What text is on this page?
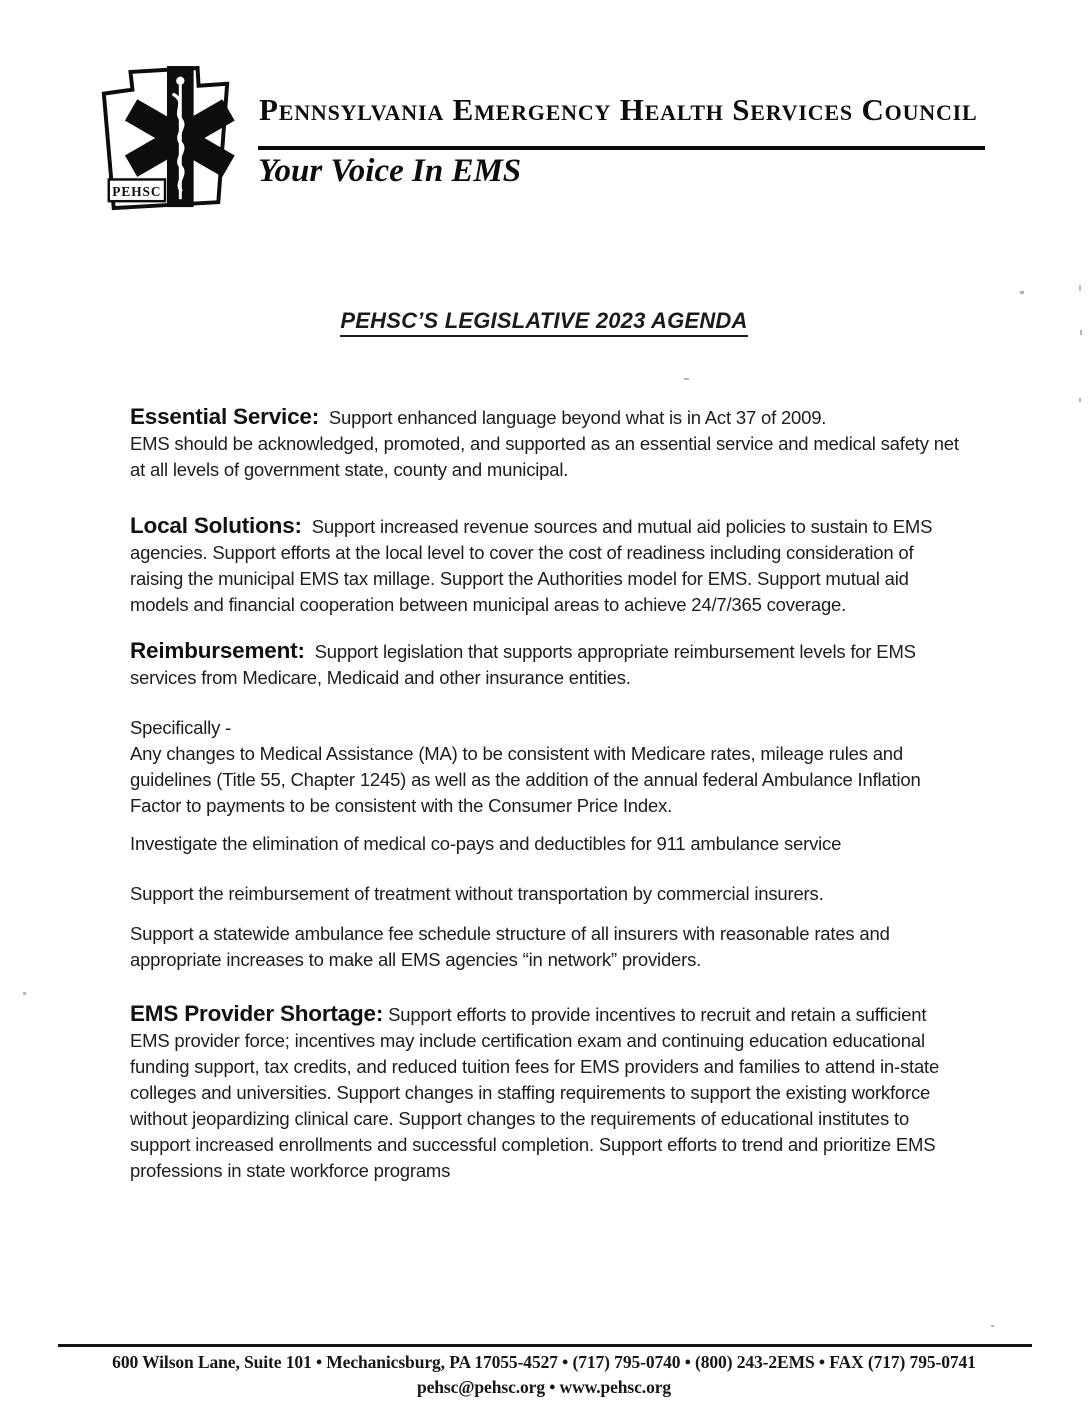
PEHSC
Pennsylvania Emergency Health Services Council
Your Voice In EMS
PEHSC’S LEGISLATIVE 2023 AGENDA

Essential Service: Support enhanced language beyond what is in Act 37 of 2009.
EMS should be acknowledged, promoted, and supported as an essential service and medical safety net at all levels of government state, county and municipal.

Local Solutions: Support increased revenue sources and mutual aid policies to sustain to EMS agencies. Support efforts at the local level to cover the cost of readiness including consideration of raising the municipal EMS tax millage. Support the Authorities model for EMS. Support mutual aid models and financial cooperation between municipal areas to achieve 24/7/365 coverage.

Reimbursement: Support legislation that supports appropriate reimbursement levels for EMS services from Medicare, Medicaid and other insurance entities.

Specifically -
Any changes to Medical Assistance (MA) to be consistent with Medicare rates, mileage rules and guidelines (Title 55, Chapter 1245) as well as the addition of the annual federal Ambulance Inflation Factor to payments to be consistent with the Consumer Price Index.

Investigate the elimination of medical co-pays and deductibles for 911 ambulance service

Support the reimbursement of treatment without transportation by commercial insurers.

Support a statewide ambulance fee schedule structure of all insurers with reasonable rates and appropriate increases to make all EMS agencies “in network” providers.

EMS Provider Shortage: Support efforts to provide incentives to recruit and retain a sufficient EMS provider force; incentives may include certification exam and continuing education educational funding support, tax credits, and reduced tuition fees for EMS providers and families to attend in-state colleges and universities. Support changes in staffing requirements to support the existing workforce without jeopardizing clinical care. Support changes to the requirements of educational institutes to support increased enrollments and successful completion. Support efforts to trend and prioritize EMS professions in state workforce programs

600 Wilson Lane, Suite 101 • Mechanicsburg, PA 17055-4527 • (717) 795-0740 • (800) 243-2EMS • FAX (717) 795-0741
pehsc@pehsc.org • www.pehsc.org
